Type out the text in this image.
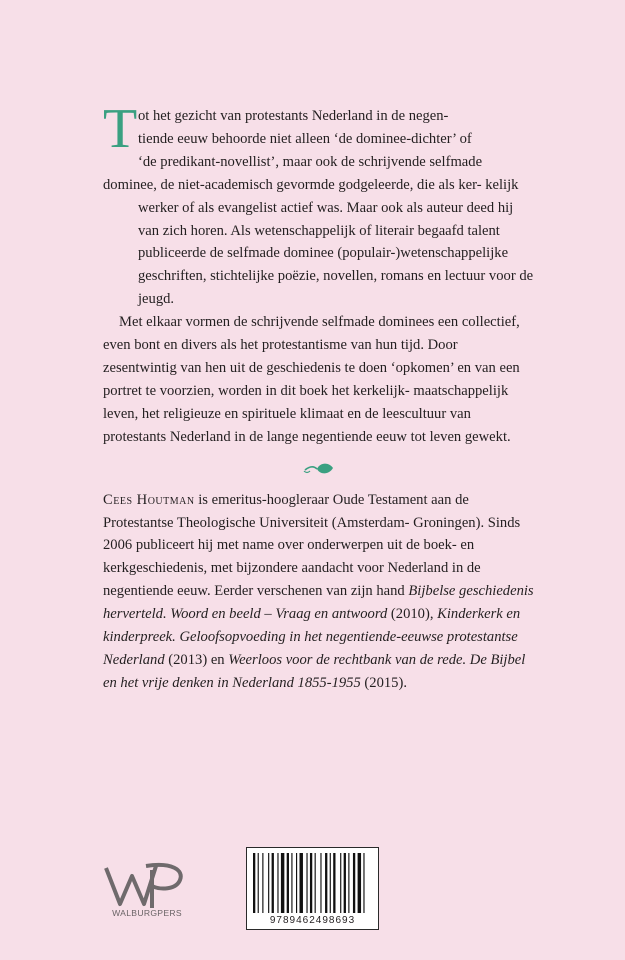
T ot het gezicht van protestants Nederland in de negen-
tiende eeuw behoorde niet alleen ‘de dominee-dichter’ of
‘de predikant-novellist’, maar ook de schrijvende selfmade
dominee, de niet-academisch gevormde godgeleerde, die als ker- kelijk werker of als evangelist actief was. Maar ook als auteur deed hij van zich horen. Als wetenschappelijk of literair begaafd talent publiceerde de selfmade dominee (populair-)wetenschappelijke geschriften, stichtelijke poëzie, novellen, romans en lectuur voor de jeugd.

Met elkaar vormen de schrijvende selfmade dominees een collectief, even bont en divers als het protestantisme van hun tijd. Door zesentwintig van hen uit de geschiedenis te doen ‘opkomen’ en van een portret te voorzien, worden in dit boek het kerkelijk- maatschappelijk leven, het religieuze en spirituele klimaat en de leescultuur van protestants Nederland in de lange negentiende eeuw tot leven gewekt.

Cees Houtman is emeritus-hoogleraar Oude Testament aan de Protestantse Theologische Universiteit (Amsterdam- Groningen). Sinds 2006 publiceert hij met name over onderwerpen uit de boek- en kerkgeschiedenis, met bijzondere aandacht voor Nederland in de negentiende eeuw. Eerder verschenen van zijn hand Bijbelse geschiedenis herverteld. Woord en beeld – Vraag en antwoord (2010), Kinderkerk en kinderpreek. Geloofsopvoeding in het negentiende-eeuwse protestantse Nederland (2013) en Weerloos voor de rechtbank van de rede. De Bijbel en het vrije denken in Nederland 1855-1955 (2015).

WALBURGPERS
9789462498693
